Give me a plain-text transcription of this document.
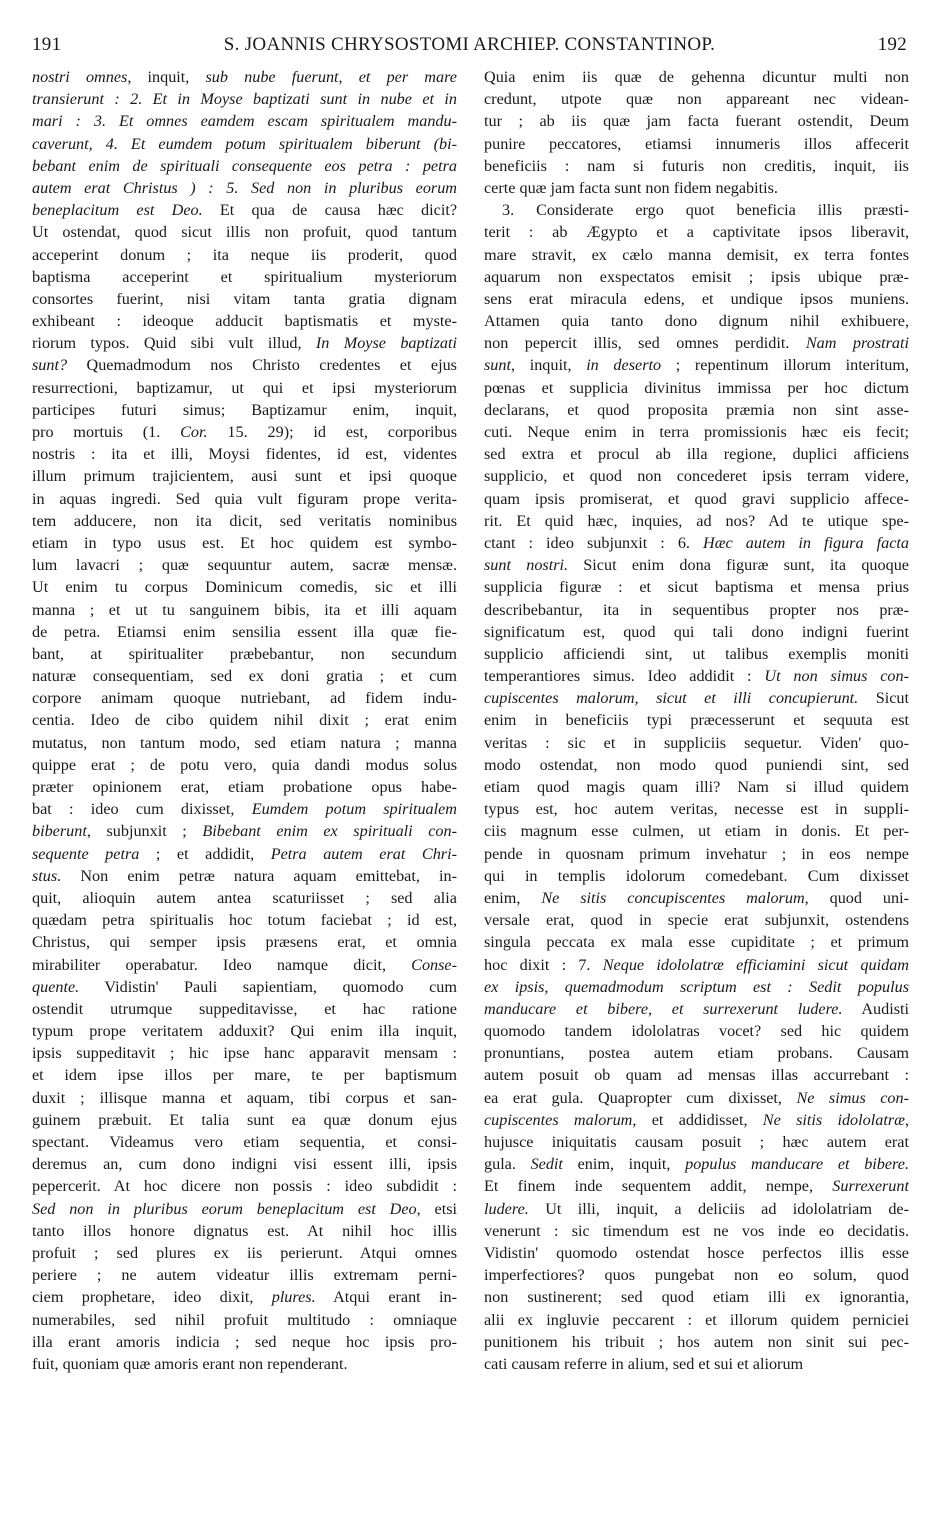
191	S. JOANNIS CHRYSOSTOMI ARCHIEP. CONSTANTINOP.	192
nostri omnes, inquit, sub nube fuerunt, et per mare
transierunt : 2. Et in Moyse baptizati sunt in nube et in
mari : 3. Et omnes eamdem escam spiritualem mandu-
caverunt, 4. Et eumdem potum spiritualem biberunt (bi-
bebant enim de spirituali consequente eos petra : petra
autem erat Christus ) : 5. Sed non in pluribus eorum
beneplacitum est Deo. Et qua de causa hæc dicit?
Ut ostendat, quod sicut illis non profuit, quod tantum
acceperint donum ; ita neque iis proderit, quod
baptisma acceperint et spiritualium mysteriorum
consortes fuerint, nisi vitam tanta gratia dignam
exhibeant : ideoque adducit baptismatis et myste-
riorum typos. Quid sibi vult illud, In Moyse baptizati
sunt? Quemadmodum nos Christo credentes et ejus
resurrectioni, baptizamur, ut qui et ipsi mysteriorum
participes futuri simus; Baptizamur enim, inquit,
pro mortuis (1. Cor. 15. 29); id est, corporibus
nostris : ita et illi, Moysi fidentes, id est, videntes
illum primum trajicientem, ausi sunt et ipsi quoque
in aquas ingredi. Sed quia vult figuram prope verita-
tem adducere, non ita dicit, sed veritatis nominibus
etiam in typo usus est. Et hoc quidem est symbo-
lum lavacri ; quæ sequuntur autem, sacræ mensæ.
Ut enim tu corpus Dominicum comedis, sic et illi
manna ; et ut tu sanguinem bibis, ita et illi aquam
de petra. Etiamsi enim sensilia essent illa quæ fie-
bant, at spiritualiter præbebantur, non secundum
naturæ consequentiam, sed ex doni gratia ; et cum
corpore animam quoque nutriebant, ad fidem indu-
centia. Ideo de cibo quidem nihil dixit ; erat enim
mutatus, non tantum modo, sed etiam natura ; manna
quippe erat ; de potu vero, quia dandi modus solus
præter opinionem erat, etiam probatione opus habe-
bat : ideo cum dixisset, Eumdem potum spiritualem
biberunt, subjunxit ; Bibebant enim ex spirituali con-
sequente petra ; et addidit, Petra autem erat Chri-
stus. Non enim petræ natura aquam emittebat, in-
quit, alioquin autem antea scaturiisset ; sed alia
quædam petra spiritualis hoc totum faciebat ; id est,
Christus, qui semper ipsis præsens erat, et omnia
mirabiliter operabatur. Ideo namque dicit, Conse-
quente. Vidistin' Pauli sapientiam, quomodo cum
ostendit utrumque suppeditavisse, et hac ratione
typum prope veritatem adduxit? Qui enim illa inquit,
ipsis suppeditavit ; hic ipse hanc apparavit mensam :
et idem ipse illos per mare, te per baptismum
duxit ; illisque manna et aquam, tibi corpus et san-
guinem præbuit. Et talia sunt ea quæ donum ejus
spectant. Videamus vero etiam sequentia, et consi-
deremus an, cum dono indigni visi essent illi, ipsis
pepercerit. At hoc dicere non possis : ideo subdidit :
Sed non in pluribus eorum beneplacitum est Deo, etsi
tanto illos honore dignatus est. At nihil hoc illis
profuit ; sed plures ex iis perierunt. Atqui omnes
periere ; ne autem videatur illis extremam perni-
ciem prophetare, ideo dixit, plures. Atqui erant in-
numerabiles, sed nihil profuit multitudo : omniaque
illa erant amoris indicia ; sed neque hoc ipsis pro-
fuit, quoniam quæ amoris erant non rependerant.
Quia enim iis quæ de gehenna dicuntur multi non
credunt, utpote quæ non appareant nec videan-
tur ; ab iis quæ jam facta fuerant ostendit, Deum
punire peccatores, etiamsi innumeris illos affecerit
beneficiis : nam si futuris non creditis, inquit, iis
certe quæ jam facta sunt non fidem negabitis.
3. Considerate ergo quot beneficia illis præsti-
terit : ab Ægypto et a captivitate ipsos liberavit,
mare stravit, ex cælo manna demisit, ex terra fontes
aquarum non exspectatos emisit ; ipsis ubique præ-
sens erat miracula edens, et undique ipsos muniens.
Attamen quia tanto dono dignum nihil exhibuere,
non pepercit illis, sed omnes perdidit. Nam prostrati
sunt, inquit, in deserto ; repentinum illorum interitum,
pœnas et supplicia divinitus immissa per hoc dictum
declarans, et quod proposita præmia non sint asse-
cuti. Neque enim in terra promissionis hæc eis fecit;
sed extra et procul ab illa regione, duplici afficiens
supplicio, et quod non concederet ipsis terram videre,
quam ipsis promiserat, et quod gravi supplicio affece-
rit. Et quid hæc, inquies, ad nos? Ad te utique spe-
ctant : ideo subjunxit : 6. Hæc autem in figura facta
sunt nostri. Sicut enim dona figuræ sunt, ita quoque
supplicia figuræ : et sicut baptisma et mensa prius
describebantur, ita in sequentibus propter nos præ-
significatum est, quod qui tali dono indigni fuerint
supplicio afficiendi sint, ut talibus exemplis moniti
temperantiores simus. Ideo addidit : Ut non simus con-
cupiscentes malorum, sicut et illi concupierunt. Sicut
enim in beneficiis typi præcesserunt et sequuta est
veritas : sic et in suppliciis sequetur. Viden' quo-
modo ostendat, non modo quod puniendi sint, sed
etiam quod magis quam illi? Nam si illud quidem
typus est, hoc autem veritas, necesse est in suppli-
ciis magnum esse culmen, ut etiam in donis. Et per-
pende in quosnam primum invehatur ; in eos nempe
qui in templis idolorum comedebant. Cum dixisset
enim, Ne sitis concupiscentes malorum, quod uni-
versale erat, quod in specie erat subjunxit, ostendens
singula peccata ex mala esse cupiditate ; et primum
hoc dixit : 7. Neque idololatræ efficiamini sicut quidam
ex ipsis, quemadmodum scriptum est : Sedit populus
manducare et bibere, et surrexerunt ludere. Audisti
quomodo tandem idololatras vocet? sed hic quidem
pronuntians, postea autem etiam probans. Causam
autem posuit ob quam ad mensas illas accurrebant :
ea erat gula. Quapropter cum dixisset, Ne simus con-
cupiscentes malorum, et addidisset, Ne sitis idololatræ,
hujusce iniquitatis causam posuit ; hæc autem erat
gula. Sedit enim, inquit, populus manducare et bibere.
Et finem inde sequentem addit, nempe, Surrexerunt
ludere. Ut illi, inquit, a deliciis ad idololatriam de-
venerunt : sic timendum est ne vos inde eo decidatis.
Vidistin' quomodo ostendat hosce perfectos illis esse
imperfectiores? quos pungebat non eo solum, quod
non sustinerent; sed quod etiam illi ex ignorantia,
alii ex ingluvie peccarent : et illorum quidem perniciei
punitionem his tribuit ; hos autem non sinit sui pec-
cati causam referre in alium, sed et sui et aliorum
